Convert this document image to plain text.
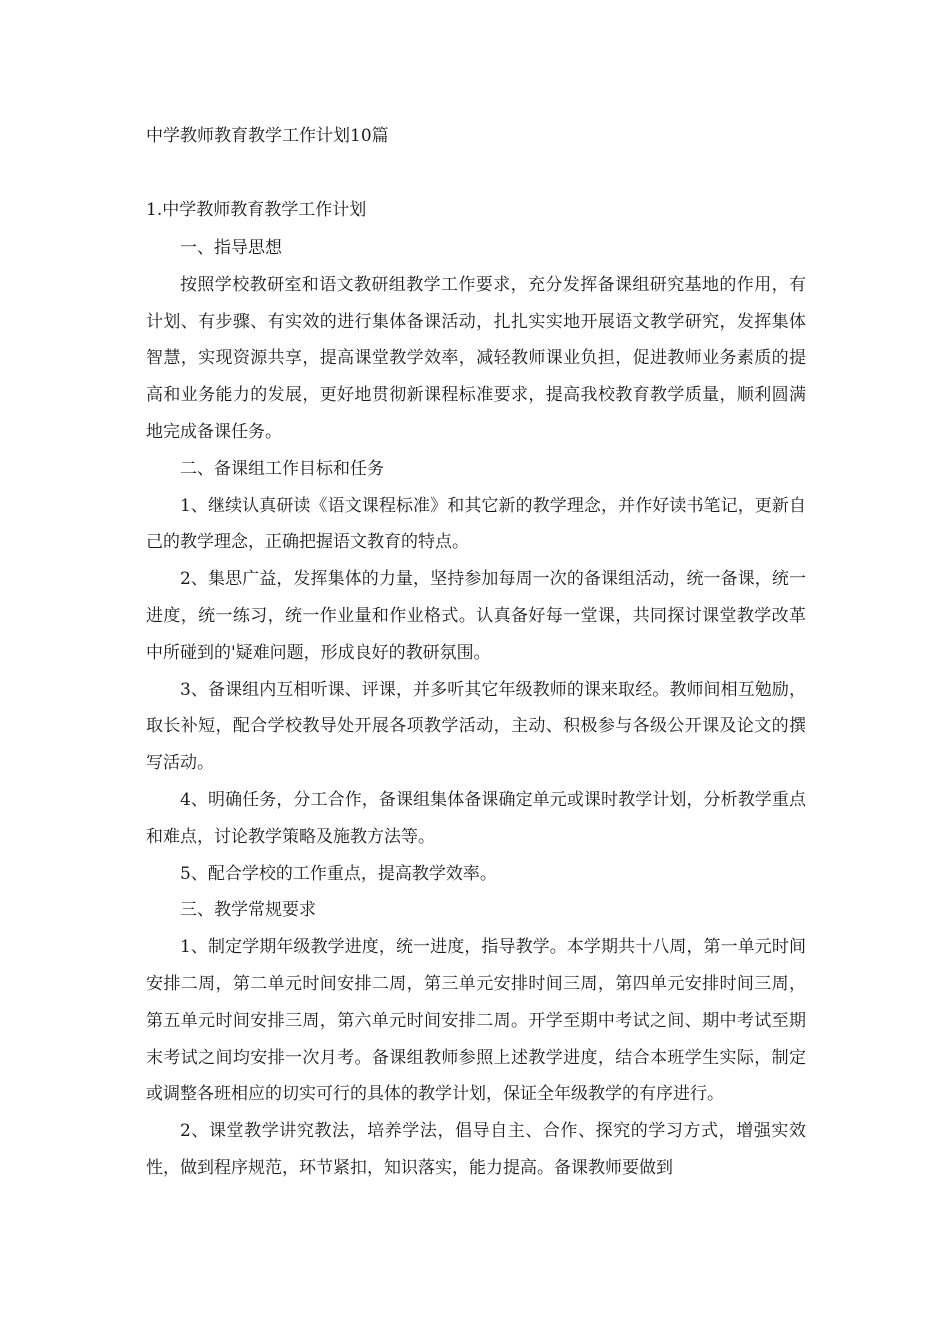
中学教师教育教学工作计划10篇
1.中学教师教育教学工作计划

一、指导思想

按照学校教研室和语文教研组教学工作要求，充分发挥备课组研究基地的作用，有计划、有步骤、有实效的进行集体备课活动，扎扎实实地开展语文教学研究，发挥集体智慧，实现资源共享，提高课堂教学效率，减轻教师课业负担，促进教师业务素质的提高和业务能力的发展，更好地贯彻新课程标准要求，提高我校教育教学质量，顺利圆满地完成备课任务。

二、备课组工作目标和任务

1、继续认真研读《语文课程标准》和其它新的教学理念，并作好读书笔记，更新自己的教学理念，正确把握语文教育的特点。

2、集思广益，发挥集体的力量，坚持参加每周一次的备课组活动，统一备课，统一进度，统一练习，统一作业量和作业格式。认真备好每一堂课，共同探讨课堂教学改革中所碰到的'疑难问题，形成良好的教研氛围。

3、备课组内互相听课、评课，并多听其它年级教师的课来取经。教师间相互勉励，取长补短，配合学校教导处开展各项教学活动，主动、积极参与各级公开课及论文的撰写活动。

4、明确任务，分工合作，备课组集体备课确定单元或课时教学计划，分析教学重点和难点，讨论教学策略及施教方法等。

5、配合学校的工作重点，提高教学效率。

三、教学常规要求

1、制定学期年级教学进度，统一进度，指导教学。本学期共十八周，第一单元时间安排二周，第二单元时间安排二周，第三单元安排时间三周，第四单元安排时间三周，第五单元时间安排三周，第六单元时间安排二周。开学至期中考试之间、期中考试至期末考试之间均安排一次月考。备课组教师参照上述教学进度，结合本班学生实际，制定或调整各班相应的切实可行的具体的教学计划，保证全年级教学的有序进行。

2、课堂教学讲究教法，培养学法，倡导自主、合作、探究的学习方式，增强实效性，做到程序规范，环节紧扣，知识落实，能力提高。备课教师要做到
